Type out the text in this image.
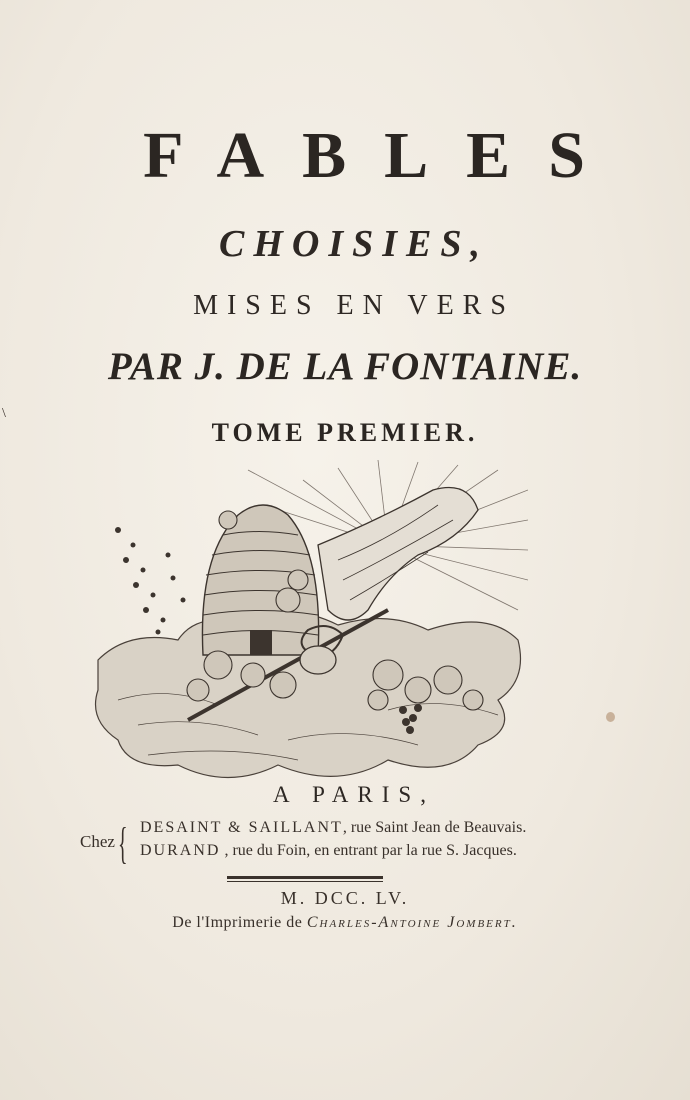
FABLES
CHOISIES,
MISES EN VERS
PAR J. DE LA FONTAINE.
TOME PREMIER.
A PARIS,
Chez { DESAINT & SAILLANT, rue Saint Jean de Beauvais.
DURAND , rue du Foin, en entrant par la rue S. Jacques.
M. DCC. LV.
De l'Imprimerie de Charles-Antoine Jombert.
\
